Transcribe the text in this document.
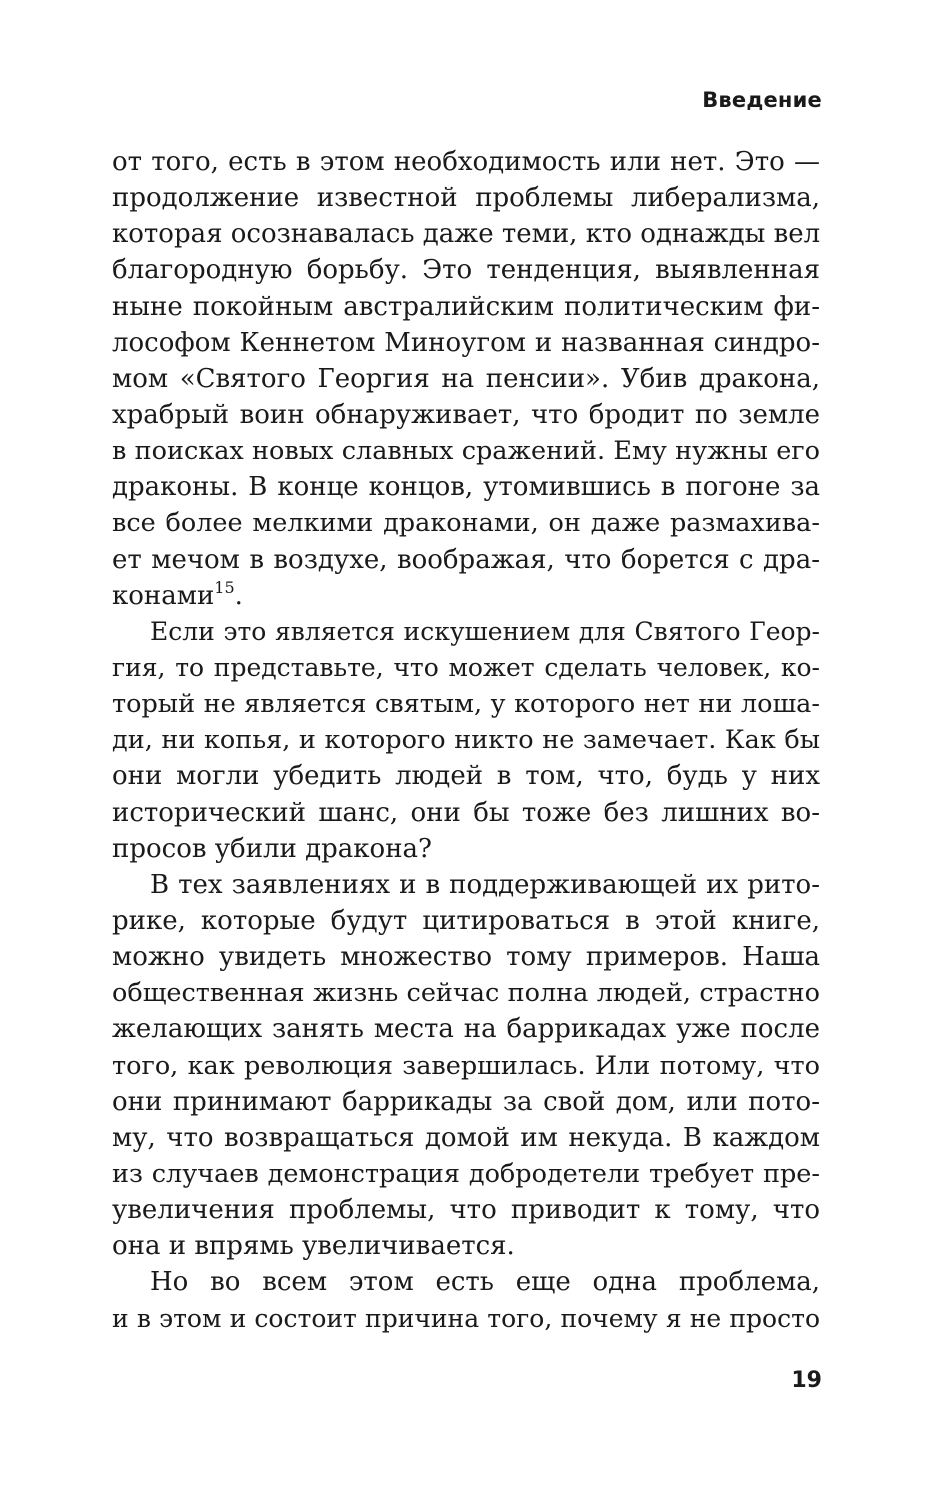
Введение
от того, есть в этом необходимость или нет. Это —
продолжение известной проблемы либерализма,
которая осознавалась даже теми, кто однажды вел
благородную борьбу. Это тенденция, выявленная
ныне покойным австралийским политическим фи-
лософом Кеннетом Миноугом и названная синдро-
мом «Святого Георгия на пенсии». Убив дракона,
храбрый воин обнаруживает, что бродит по земле
в поисках новых славных сражений. Ему нужны его
драконы. В конце концов, утомившись в погоне за
все более мелкими драконами, он даже размахива-
ет мечом в воздухе, воображая, что борется с дра-
конами$^{15}$.
Если это является искушением для Святого Геор-
гия, то представьте, что может сделать человек, ко-
торый не является святым, у которого нет ни лоша-
ди, ни копья, и которого никто не замечает. Как бы
они могли убедить людей в том, что, будь у них
исторический шанс, они бы тоже без лишних во-
просов убили дракона?
В тех заявлениях и в поддерживающей их рито-
рике, которые будут цитироваться в этой книге,
можно увидеть множество тому примеров. Наша
общественная жизнь сейчас полна людей, страстно
желающих занять места на баррикадах уже после
того, как революция завершилась. Или потому, что
они принимают баррикады за свой дом, или пото-
му, что возвращаться домой им некуда. В каждом
из случаев демонстрация добродетели требует пре-
увеличения проблемы, что приводит к тому, что
она и впрямь увеличивается.
Но во всем этом есть еще одна проблема,
и в этом и состоит причина того, почему я не просто
19
